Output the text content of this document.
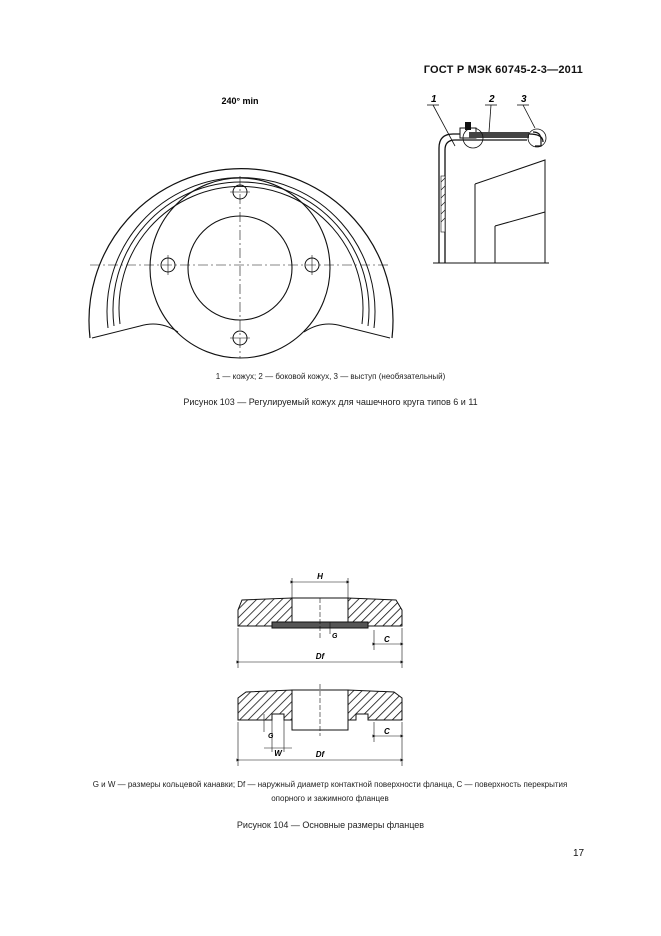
ГОСТ Р МЭК 60745-2-3—2011
240° min	1	2	3
1 — кожух; 2 — боковой кожух, 3 — выступ (необязательный)
Рисунок 103 — Регулируемый кожух для чашечного круга типов 6 и 11
H
G	C
Df
G
W
C
Df
G и W — размеры кольцевой канавки; Df — наружный диаметр контактной поверхности фланца, C — поверхность перекрытия
опорного и зажимного фланцев
Рисунок 104 — Основные размеры фланцев
17
